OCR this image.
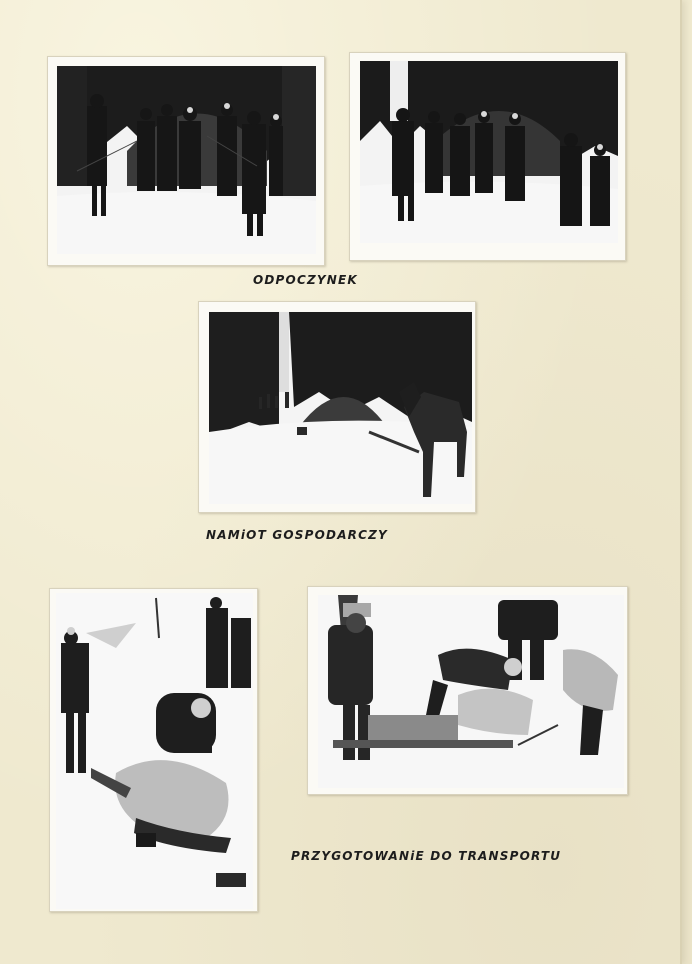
ODPOCZYNEK
NAMiOT GOSPODARCZY
PRZYGOTOWANiE DO TRANSPORTU
